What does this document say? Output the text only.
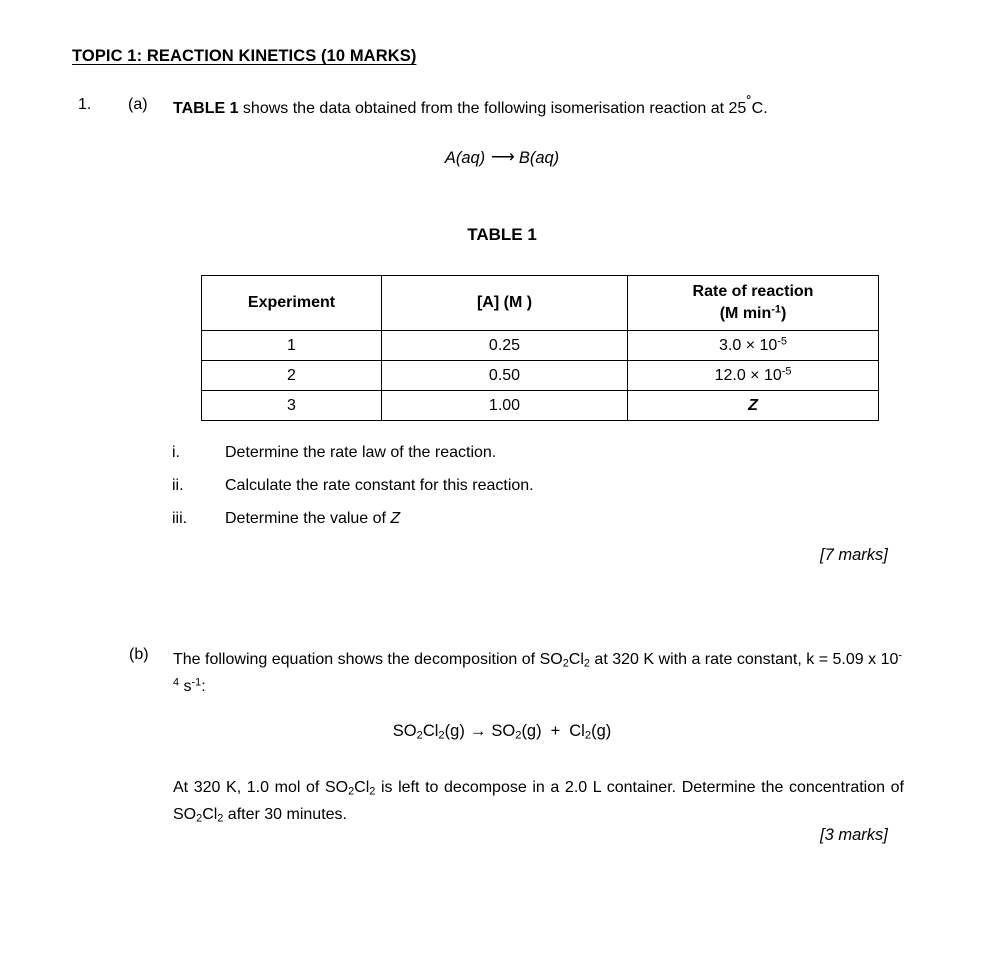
TOPIC 1: REACTION KINETICS (10 MARKS)
1. (a) TABLE 1 shows the data obtained from the following isomerisation reaction at 25˚C.
A(aq) ⟶ B(aq)
TABLE 1
Experiment	[A] (M )	Rate of reaction
(M $\min^{-1}$)
1	0.25	$3.0 \times 10^{-5}$
2	0.50	$12.0 \times 10^{-5}$
3	1.00	Z
i.	Determine the rate law of the reaction.
ii.	Calculate the rate constant for this reaction.
iii.	Determine the value of Z
[7 marks]
(b) The following equation shows the decomposition of $SO_2Cl_2$ at 320 K with a rate constant, k = 5.09 x $10^{-4}$ $s^{-1}$:
$SO_2Cl_2(g) \to SO_2(g) + Cl_2(g)$
At 320 K, 1.0 mol of $SO_2Cl_2$ is left to decompose in a 2.0 L container. Determine the concentration of $SO_2Cl_2$ after 30 minutes.
[3 marks]
